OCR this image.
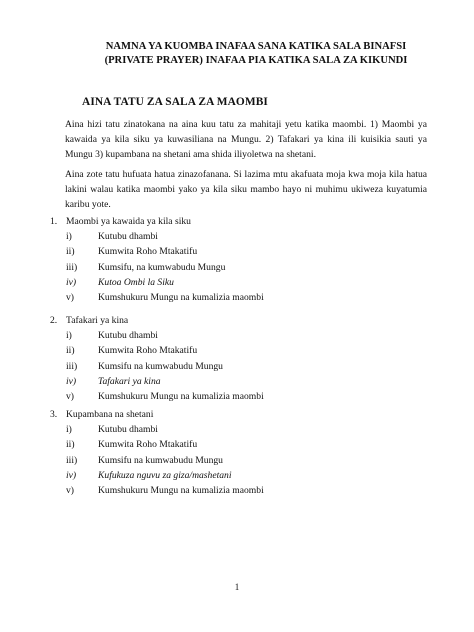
NAMNA YA KUOMBA INAFAA SANA KATIKA SALA BINAFSI
(PRIVATE PRAYER) INAFAA PIA KATIKA SALA ZA KIKUNDI
AINA TATU ZA SALA ZA MAOMBI
Aina hizi tatu zinatokana na aina kuu tatu za mahitaji yetu katika maombi. 1) Maombi ya kawaida ya kila siku ya kuwasiliana na Mungu. 2) Tafakari ya kina ili kuisikia sauti ya Mungu 3) kupambana na shetani ama shida iliyoletwa na shetani.
Aina zote tatu hufuata hatua zinazofanana. Si lazima mtu akafuata moja kwa moja kila hatua lakini walau katika maombi yako ya kila siku mambo hayo ni muhimu ukiweza kuyatumia karibu yote.
1. Maombi ya kawaida ya kila siku
i)	Kutubu dhambi
ii) Kumwita Roho Mtakatifu
iii) Kumsifu, na kumwabudu Mungu
iv) Kutoa Ombi la Siku
v)	Kumshukuru Mungu na kumalizia maombi
2. Tafakari ya kina
i)	Kutubu dhambi
ii) Kumwita Roho Mtakatifu
iii) Kumsifu na kumwabudu Mungu
iv) Tafakari ya kina
v)	Kumshukuru Mungu na kumalizia maombi
3. Kupambana na shetani
i)	Kutubu dhambi
ii) Kumwita Roho Mtakatifu
iii) Kumsifu na kumwabudu Mungu
iv) Kufukuza nguvu za giza/mashetani
v)	Kumshukuru Mungu na kumalizia maombi
1
